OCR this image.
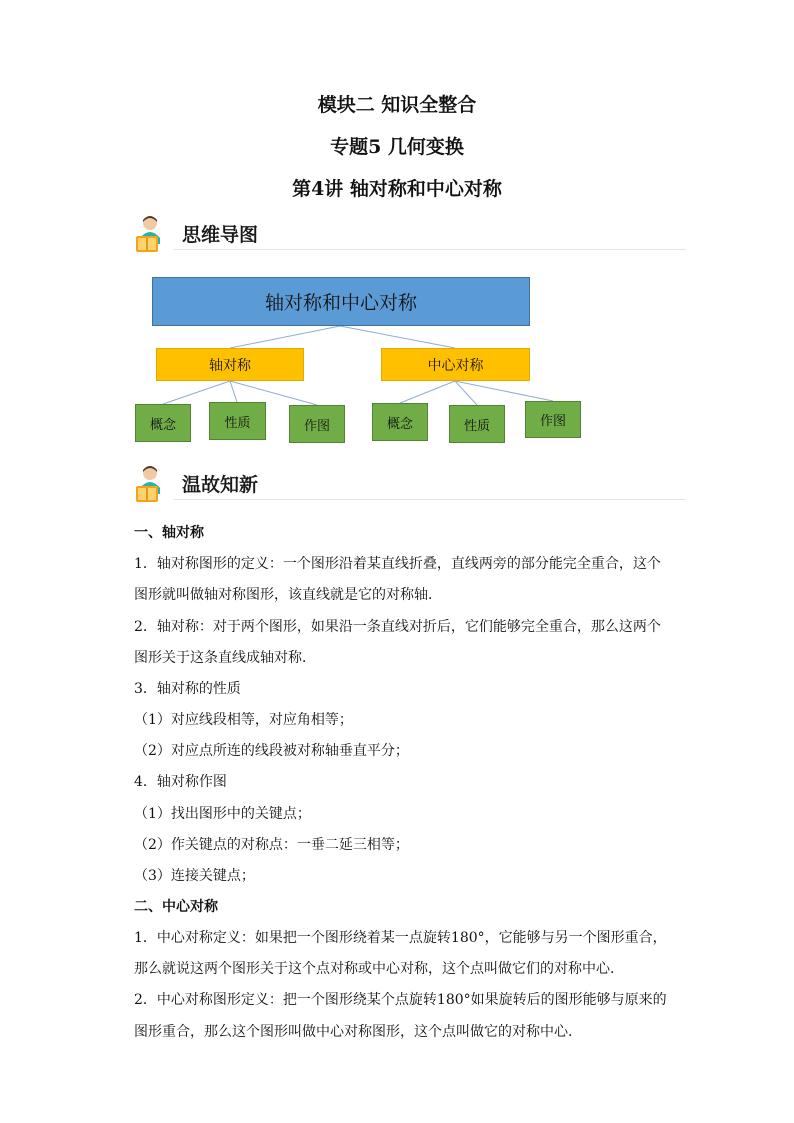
模块二 知识全整合
专题5 几何变换
第4讲 轴对称和中心对称
思维导图
轴对称和中心对称
轴对称	中心对称
概念	性质	作图	概念	性质	作图
温故知新
一、轴对称
1．轴对称图形的定义：一个图形沿着某直线折叠，直线两旁的部分能完全重合，这个
图形就叫做轴对称图形，该直线就是它的对称轴．
2．轴对称：对于两个图形，如果沿一条直线对折后，它们能够完全重合，那么这两个
图形关于这条直线成轴对称．
3．轴对称的性质
（1）对应线段相等，对应角相等；
（2）对应点所连的线段被对称轴垂直平分；
4．轴对称作图
（1）找出图形中的关键点；
（2）作关键点的对称点：一垂二延三相等；
（3）连接关键点；
二、中心对称
1．中心对称定义：如果把一个图形绕着某一点旋转180°，它能够与另一个图形重合，
那么就说这两个图形关于这个点对称或中心对称，这个点叫做它们的对称中心．
2．中心对称图形定义：把一个图形绕某个点旋转180°如果旋转后的图形能够与原来的
图形重合，那么这个图形叫做中心对称图形，这个点叫做它的对称中心．
